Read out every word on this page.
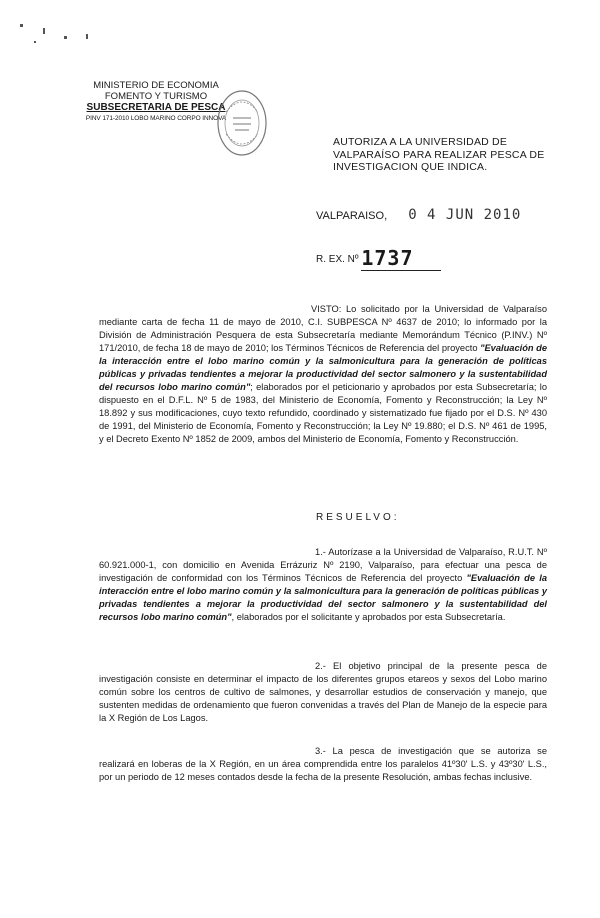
MINISTERIO DE ECONOMIA
FOMENTO Y TURISMO
SUBSECRETARIA DE PESCA
PINV 171-2010 LOBO MARINO CORPO INNOVA
AUTORIZA A LA UNIVERSIDAD DE VALPARAÍSO PARA REALIZAR PESCA DE INVESTIGACION QUE INDICA.
VALPARAISO, 0 4 JUN 2010
R. EX. Nº 1737
VISTO: Lo solicitado por la Universidad de Valparaíso mediante carta de fecha 11 de mayo de 2010, C.I. SUBPESCA Nº 4637 de 2010; lo informado por la División de Administración Pesquera de esta Subsecretaría mediante Memorándum Técnico (P.INV.) Nº 171/2010, de fecha 18 de mayo de 2010; los Términos Técnicos de Referencia del proyecto "Evaluación de la interacción entre el lobo marino común y la salmonicultura para la generación de políticas públicas y privadas tendientes a mejorar la productividad del sector salmonero y la sustentabilidad del recursos lobo marino común"; elaborados por el peticionario y aprobados por esta Subsecretaría; lo dispuesto en el D.F.L. Nº 5 de 1983, del Ministerio de Economía, Fomento y Reconstrucción; la Ley Nº 18.892 y sus modificaciones, cuyo texto refundido, coordinado y sistematizado fue fijado por el D.S. Nº 430 de 1991, del Ministerio de Economía, Fomento y Reconstrucción; la Ley Nº 19.880; el D.S. Nº 461 de 1995, y el Decreto Exento Nº 1852 de 2009, ambos del Ministerio de Economía, Fomento y Reconstrucción.
RESUELVO:
1.- Autorízase a la Universidad de Valparaíso, R.U.T. Nº 60.921.000-1, con domicilio en Avenida Errázuriz Nº 2190, Valparaíso, para efectuar una pesca de investigación de conformidad con los Términos Técnicos de Referencia del proyecto "Evaluación de la interacción entre el lobo marino común y la salmonicultura para la generación de políticas públicas y privadas tendientes a mejorar la productividad del sector salmonero y la sustentabilidad del recursos lobo marino común", elaborados por el solicitante y aprobados por esta Subsecretaría.
2.- El objetivo principal de la presente pesca de investigación consiste en determinar el impacto de los diferentes grupos etareos y sexos del Lobo marino común sobre los centros de cultivo de salmones, y desarrollar estudios de conservación y manejo, que sustenten medidas de ordenamiento que fueron convenidas a través del Plan de Manejo de la especie para la X Región de Los Lagos.
3.- La pesca de investigación que se autoriza se realizará en loberas de la X Región, en un área comprendida entre los paralelos 41º30' L.S. y 43º30' L.S., por un periodo de 12 meses contados desde la fecha de la presente Resolución, ambas fechas inclusive.
